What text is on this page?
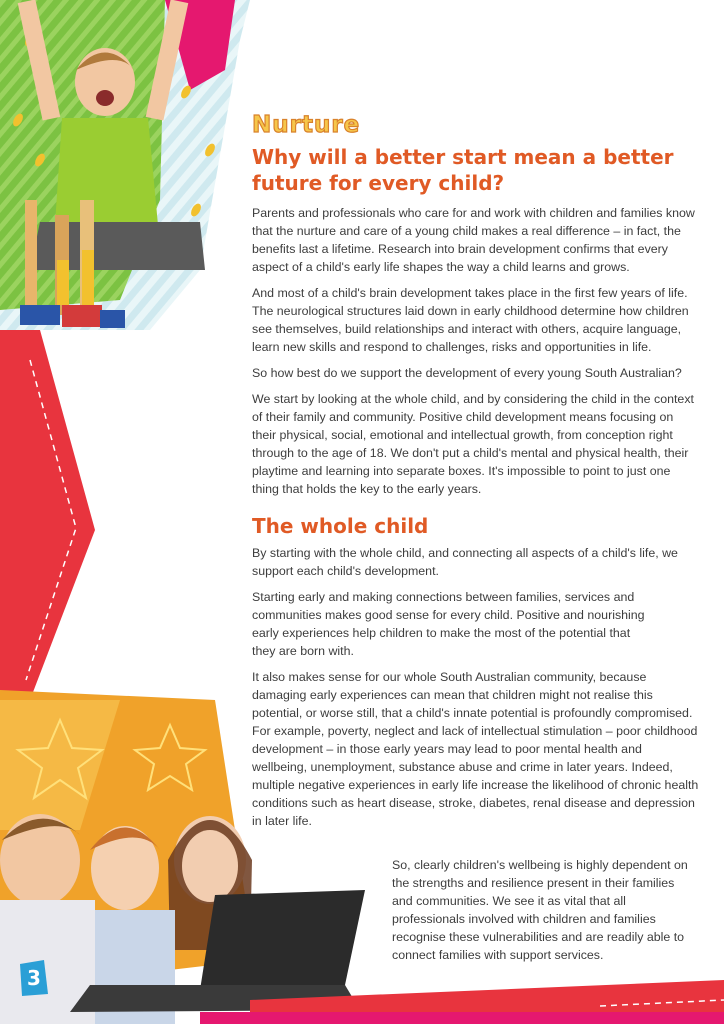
3
Nurture
Why will a better start mean a better future for every child?

Parents and professionals who care for and work with children and families know that the nurture and care of a young child makes a real difference – in fact, the benefits last a lifetime. Research into brain development confirms that every aspect of a child's early life shapes the way a child learns and grows.

And most of a child's brain development takes place in the first few years of life. The neurological structures laid down in early childhood determine how children see themselves, build relationships and interact with others, acquire language, learn new skills and respond to challenges, risks and opportunities in life.

So how best do we support the development of every young South Australian?

We start by looking at the whole child, and by considering the child in the context of their family and community. Positive child development means focusing on their physical, social, emotional and intellectual growth, from conception right through to the age of 18. We don't put a child's mental and physical health, their playtime and learning into separate boxes. It's impossible to point to just one thing that holds the key to the early years.

The whole child

By starting with the whole child, and connecting all aspects of a child's life, we support each child's development.

Starting early and making connections between families, services and communities makes good sense for every child. Positive and nourishing early experiences help children to make the most of the potential that they are born with.

It also makes sense for our whole South Australian community, because damaging early experiences can mean that children might not realise this potential, or worse still, that a child's innate potential is profoundly compromised. For example, poverty, neglect and lack of intellectual stimulation – poor childhood development – in those early years may lead to poor mental health and wellbeing, unemployment, substance abuse and crime in later years. Indeed, multiple negative experiences in early life increase the likelihood of chronic health conditions such as heart disease, stroke, diabetes, renal disease and depression in later life.

So, clearly children's wellbeing is highly dependent on the strengths and resilience present in their families and communities. We see it as vital that all professionals involved with children and families recognise these vulnerabilities and are readily able to connect families with support services.
